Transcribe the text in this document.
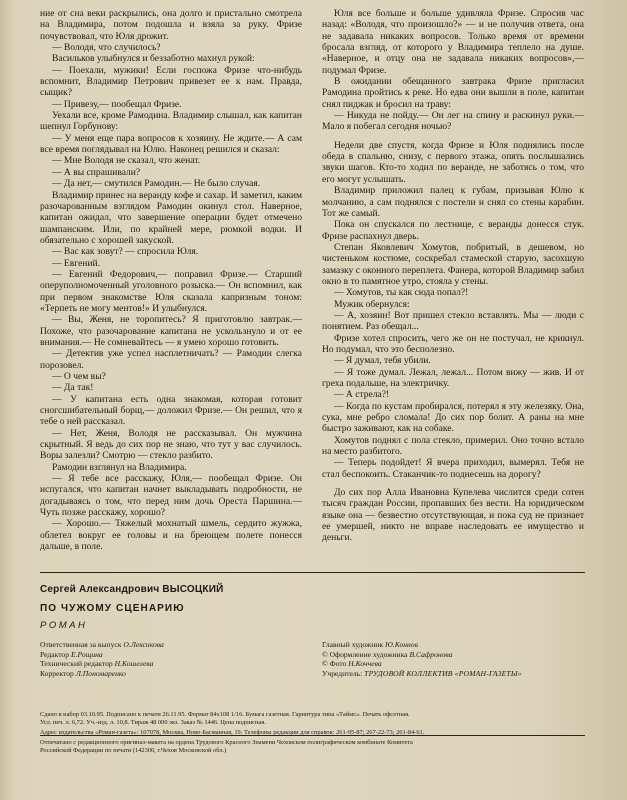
ние от сна веки раскрылись, она долго и пристально смотрела на Владимира, потом подошла и взяла за руку. Фризе почувствовал, что Юля дрожит.

— Володя, что случилось?

Васильков улыбнулся и беззаботно махнул рукой:

— Поехали, мужики! Если госпожа Фризе что-нибудь вспомнит, Владимир Петрович привезет ее к нам. Правда, сыщик?

— Привезу,— пообещал Фризе.

Уехали все, кроме Рамодина. Владимир слышал, как капитан шепнул Горбунову:

— У меня еще пара вопросов к хозяину. Не ждите.— А сам все время поглядывал на Юлю. Наконец решился и сказал:

— Мне Володя не сказал, что женат.

— А вы спрашивали?

— Да нет,— смутился Рамодин.— Не было случая.

Владимир принес на веранду кофе и сахар. И заметил, каким разочарованным взглядом Рамодин окинул стол. Наверное, капитан ожидал, что завершение операции будет отмечено шампанским. Или, по крайней мере, рюмкой водки. И обязательно с хорошей закуской.

— Вас как зовут? — спросила Юля.

— Евгений.

— Евгений Федорович,— поправил Фризе.— Старший оперуполномоченный уголовного розыска.— Он вспомнил, как при первом знакомстве Юля сказала капризным тоном: «Терпеть не могу ментов!» И улыбнулся.

— Вы, Женя, не торопитесь? Я приготовлю завтрак.— Похоже, что разочарование капитана не ускользнуло и от ее внимания.— Не сомневайтесь — я умею хорошо готовить.

— Детектив уже успел насплетничать? — Рамодин слегка порозовел.

— О чем вы?

— Да так!

— У капитана есть одна знакомая, которая готовит сногсшибательный борщ,— доложил Фризе.— Он решил, что я тебе о ней рассказал.

— Нет, Женя, Володя не рассказывал. Он мужчина скрытный. Я ведь до сих пор не знаю, что тут у вас случилось. Воры залезли? Смотрю — стекло разбито.

Рамодин взглянул на Владимира.

— Я тебе все расскажу, Юля,— пообещал Фризе. Он испугался, что капитан начнет выкладывать подробности, не догадываясь о том, что перед ним дочь Ореста Паршина.— Чуть позже расскажу, хорошо?

— Хорошо.— Тяжелый мохнатый шмель, сердито жужжа, облетел вокруг ее головы и на бреющем полете понесся дальше, в поле.

Юля все больше и больше удивляла Фризе. Спросив час назад: «Володя, что произошло?» — и не получив ответа, она не задавала никаких вопросов. Только время от времени бросала взгляд, от которого у Владимира теплело на душе. «Наверное, и отцу она не задавала никаких вопросов»,— подумал Фризе.

В ожидании обещанного завтрака Фризе пригласил Рамодина пройтись к реке. Но едва они вышли в поле, капитан снял пиджак и бросил на траву:

— Никуда не пойду.— Он лег на спину и раскинул руки.— Мало я побегал сегодня ночью?

Недели две спустя, когда Фризе и Юля поднялись после обеда в спальню, снизу, с первого этажа, опять послышались звуки шагов. Кто-то ходил по веранде, не заботясь о том, что его могут услышать.

Владимир приложил палец к губам, призывая Юлю к молчанию, а сам поднялся с постели и снял со стены карабин. Тот же самый.

Пока он спускался по лестнице, с веранды донесся стук. Фризе распахнул дверь.

Степан Яковлевич Хомутов, побритый, в дешевом, но чистеньком костюме, соскребал стамеской старую, засохшую замазку с оконного переплета. Фанера, которой Владимир забил окно в то памятное утро, стояла у стены.

— Хомутов, ты как сюда попал?!

Мужик обернулся:

— А, хозяин! Вот пришел стекло вставлять. Мы — люди с понятием. Раз обещал...

Фризе хотел спросить, чего же он не постучал, не крикнул. Но подумал, что это бесполезно.

— Я думал, тебя убили.

— Я тоже думал. Лежал, лежал... Потом вижу — жив. И от греха подальше, на электричку.

— А стрела?!

— Когда по кустам пробирался, потерял я эту железяку. Она, сука, мне ребро сломала! До сих пор болит. А раны на мне быстро заживают, как на собаке.

Хомутов поднял с пола стекло, примерил. Оно точно встало на место разбитого.

— Теперь подойдет! Я вчера приходил, вымерял. Тебя не стал беспокоить. Стаканчик-то поднесешь на дорогу?

До сих пор Алла Ивановна Купелева числится среди сотен тысяч граждан России, пропавших без вести. На юридическом языке она — безвестно отсутствующая, и пока суд не признает ее умершей, никто не вправе наследовать ее имущество и деньги.

Сергей Александрович ВЫСОЦКИЙ
ПО ЧУЖОМУ СЦЕНАРИЮ
РОМАН
Ответственная за выпуск О.Лексикова
Редактор Е.Рощина
Технический редактор Н.Кошелева
Корректор Л.Пономаренко
Главный художник Ю.Коннов
© Оформление художника В.Сафронова
© Фото Н.Коччева
Учредитель: ТРУДОВОЙ КОЛЛЕКТИВ «РОМАН-ГАЗЕТЫ»
Сдано в набор 03.10.95. Подписано к печати 26.11.95. Формат 84х108 1/16. Бумага газетная. Гарнитура типа «Таймс». Печать офсетная.
Усл. печ. л. 6,72. Уч.-изд. л. 10,8. Тираж 48 000 экз. Заказ № 1446. Цена подписная.
Адрес издательства «Роман-газета»: 107078, Москва, Ново-Басманная, 19. Телефоны редакции для справок: 261-95-87; 267-22-73; 261-84-61.
Отпечатано с редакционного оригинал-макета на ордена Трудового Красного Знамени Чеховском полиграфическом комбинате Комитета
Российской Федерации по печати (142300, г.Чехов Московской обл.)
